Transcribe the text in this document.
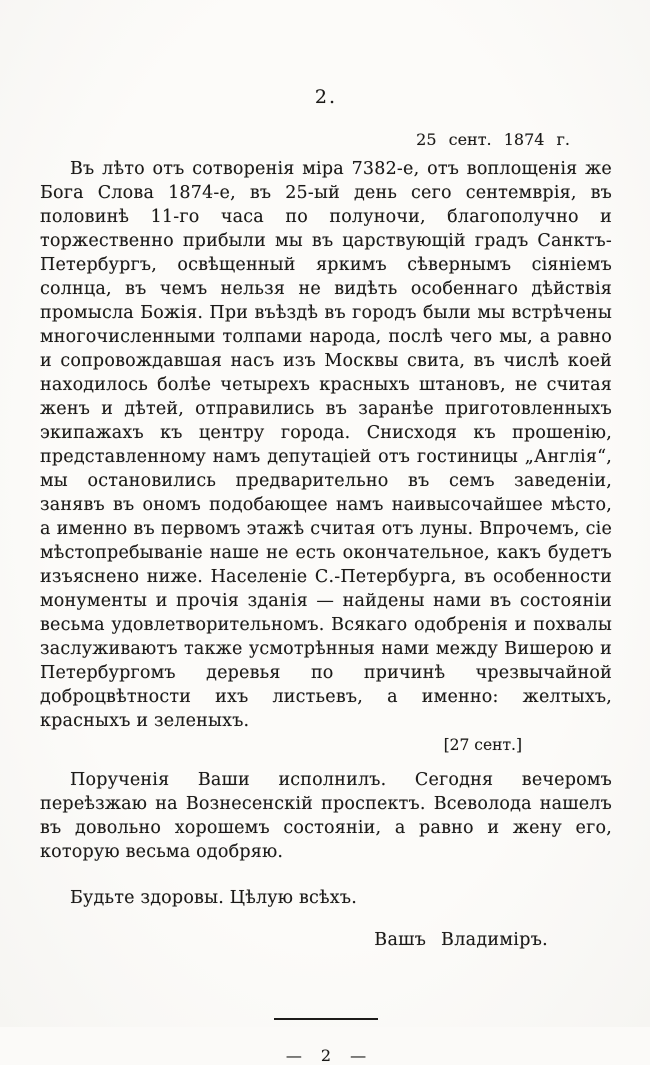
2.
25 сент. 1874 г.

Въ лѣто отъ сотворенія міра 7382-е, отъ воплощенія же Бога Слова 1874-е, въ 25-ый день сего сентемврія, въ половинѣ 11-го часа по полуночи, благополучно и торжественно прибыли мы въ царствующій градъ Санктъ-Петербургъ, освѣщенный яркимъ сѣвернымъ сіяніемъ солнца, въ чемъ нельзя не видѣть особеннаго дѣйствія промысла Божія. При въѣздѣ въ городъ были мы встрѣчены многочисленными толпами народа, послѣ чего мы, а равно и сопровождавшая насъ изъ Москвы свита, въ числѣ коей находилось болѣе четырехъ красныхъ штановъ, не считая женъ и дѣтей, отправились въ заранѣе приготовленныхъ экипажахъ къ центру города. Снисходя къ прошенію, представленному намъ депутаціей отъ гостиницы „Англія“, мы остановились предварительно въ семъ заведеніи, занявъ въ ономъ подобающее намъ наивысочайшее мѣсто, а именно въ первомъ этажѣ считая отъ луны. Впрочемъ, сіе мѣстопребываніе наше не есть окончательное, какъ будетъ изъяснено ниже. Населеніе С.-Петербурга, въ особенности монументы и прочія зданія — найдены нами въ состояніи весьма удовлетворительномъ. Всякаго одобренія и похвалы заслуживаютъ также усмотрѣнныя нами между Вишерою и Петербургомъ деревья по причинѣ чрезвычайной доброцвѣтности ихъ листьевъ, а именно: желтыхъ, красныхъ и зеленыхъ.

[27 сент.]

Порученія Ваши исполнилъ. Сегодня вечеромъ переѣзжаю на Вознесенскій проспектъ. Всеволода нашелъ въ довольно хорошемъ состояніи, а равно и жену его, которую весьма одобряю.

Будьте здоровы. Цѣлую всѣхъ.
Вашъ Владиміръ.
— 2 —
